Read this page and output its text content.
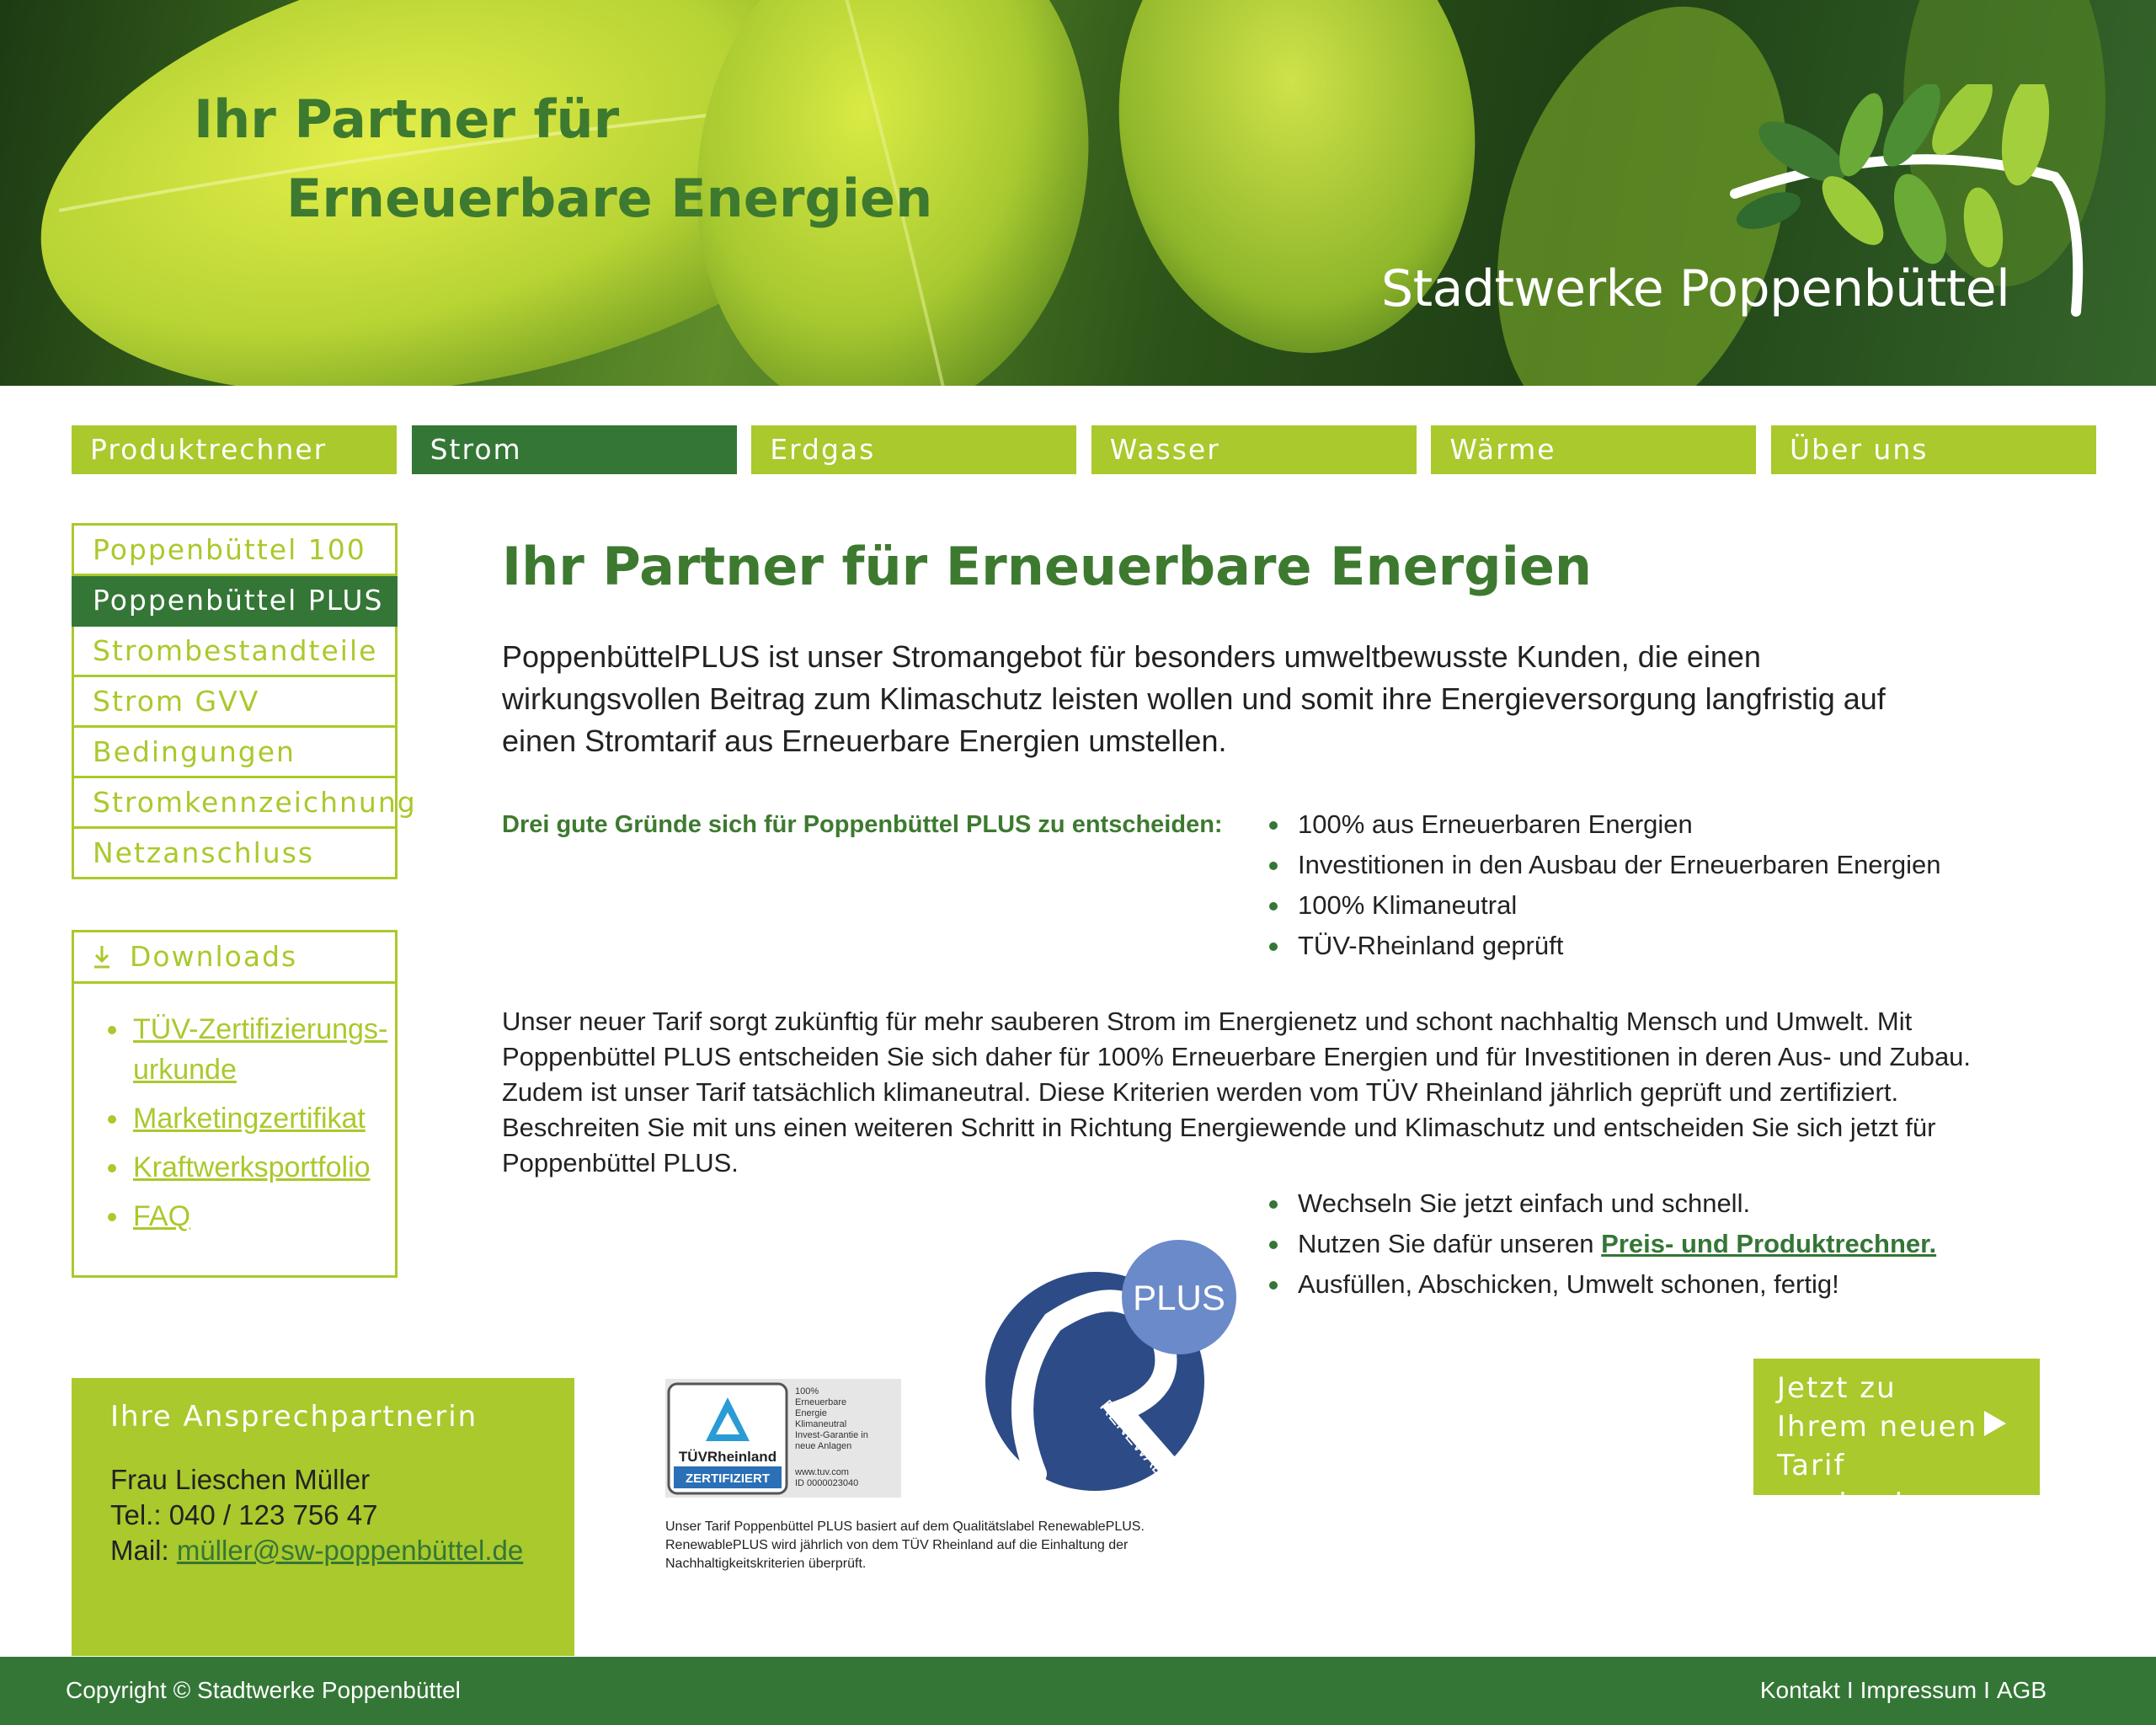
Ihr Partner für
Erneuerbare Energien
Stadtwerke Poppenbüttel
Produktrechner	Strom	Erdgas	Wasser	Wärme	Über uns
Poppenbüttel 100
Poppenbüttel PLUS
Strombestandteile
Strom GVV
Bedingungen
Stromkennzeichnung
Netzanschluss
Downloads
TÜV-Zertifizierungs-
urkunde
Marketingzertifikat
Kraftwerksportfolio
FAQ
Ihre Ansprechpartnerin
Frau Lieschen Müller
Tel.: 040 / 123 756 47
Mail: müller@sw-poppenbüttel.de
Ihr Partner für Erneuerbare Energien

PoppenbüttelPLUS ist unser Stromangebot für besonders umweltbewusste Kunden, die einen wirkungsvollen Beitrag zum Klimaschutz leisten wollen und somit ihre Energieversorgung langfristig auf einen Stromtarif aus Erneuerbare Energien umstellen.

Drei gute Gründe sich für Poppenbüttel PLUS zu entscheiden:	100% aus Erneuerbaren Energien
Investitionen in den Ausbau der Erneuerbaren Energien
100% Klimaneutral
TÜV-Rheinland geprüft

Unser neuer Tarif sorgt zukünftig für mehr sauberen Strom im Energienetz und schont nachhaltig Mensch und Umwelt. Mit Poppenbüttel PLUS entscheiden Sie sich daher für 100% Erneuerbare Energien und für Investitionen in deren Aus- und Zubau. Zudem ist unser Tarif tatsächlich klimaneutral. Diese Kriterien werden vom TÜV Rheinland jährlich geprüft und zertifiziert. Beschreiten Sie mit uns einen weiteren Schritt in Richtung Energiewende und Klimaschutz und entscheiden Sie sich jetzt für Poppenbüttel PLUS.

Wechseln Sie jetzt einfach und schnell.
Nutzen Sie dafür unseren Preis- und Produktrechner.
Ausfüllen, Abschicken, Umwelt schonen, fertig!
TÜVRheinland
ZERTIFIZIERT
100%
Erneuerbare
Energie
Klimaneutral
Invest-Garantie in
neue Anlagen
www.tuv.com
ID 0000023040
PLUS
RENEWABLE

Unser Tarif Poppenbüttel PLUS basiert auf dem Qualitätslabel RenewablePLUS. RenewablePLUS wird jährlich von dem TÜV Rheinland auf die Einhaltung der Nachhaltigkeitskriterien überprüft.

Jetzt zu Ihrem neuen Tarif wechseln
Copyright © Stadtwerke Poppenbüttel	Kontakt I Impressum I AGB
